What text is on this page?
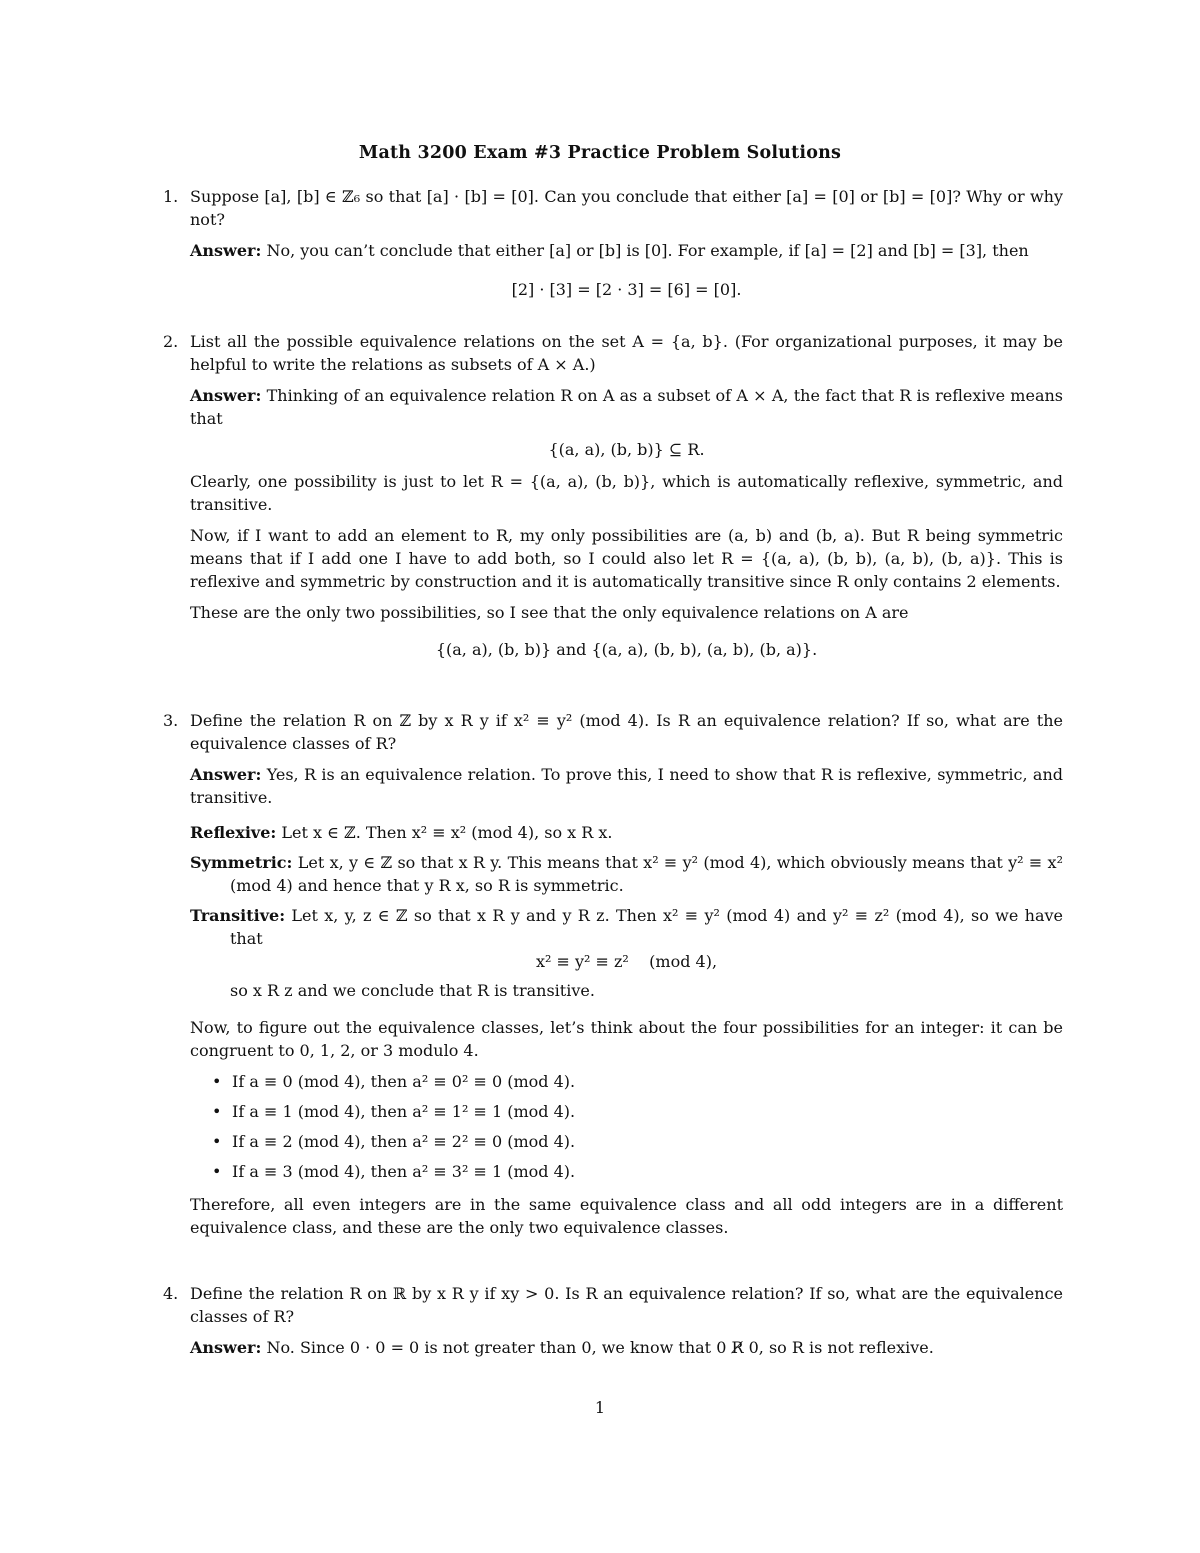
Math 3200 Exam #3 Practice Problem Solutions
1. Suppose [a], [b] ∈ ℤ₆ so that [a] · [b] = [0]. Can you conclude that either [a] = [0] or [b] = [0]? Why or why not?

Answer: No, you can’t conclude that either [a] or [b] is [0]. For example, if [a] = [2] and [b] = [3], then

[2] · [3] = [2 · 3] = [6] = [0].
2. List all the possible equivalence relations on the set A = {a, b}. (For organizational purposes, it may be helpful to write the relations as subsets of A × A.)

Answer: Thinking of an equivalence relation R on A as a subset of A × A, the fact that R is reflexive means that

{(a, a), (b, b)} ⊆ R.

Clearly, one possibility is just to let R = {(a, a), (b, b)}, which is automatically reflexive, symmetric, and transitive.

Now, if I want to add an element to R, my only possibilities are (a, b) and (b, a). But R being symmetric means that if I add one I have to add both, so I could also let R = {(a, a), (b, b), (a, b), (b, a)}. This is reflexive and symmetric by construction and it is automatically transitive since R only contains 2 elements.

These are the only two possibilities, so I see that the only equivalence relations on A are

{(a, a), (b, b)} and {(a, a), (b, b), (a, b), (b, a)}.
3. Define the relation R on ℤ by x R y if x² ≡ y² (mod 4). Is R an equivalence relation? If so, what are the equivalence classes of R?

Answer: Yes, R is an equivalence relation. To prove this, I need to show that R is reflexive, symmetric, and transitive.

Reflexive: Let x ∈ ℤ. Then x² ≡ x² (mod 4), so x R x.
Symmetric: Let x, y ∈ ℤ so that x R y. This means that x² ≡ y² (mod 4), which obviously means that y² ≡ x² (mod 4) and hence that y R x, so R is symmetric.
Transitive: Let x, y, z ∈ ℤ so that x R y and y R z. Then x² ≡ y² (mod 4) and y² ≡ z² (mod 4), so we have that
x² ≡ y² ≡ z²    (mod 4),

so x R z and we conclude that R is transitive.

Now, to figure out the equivalence classes, let’s think about the four possibilities for an integer: it can be congruent to 0, 1, 2, or 3 modulo 4.

• If a ≡ 0 (mod 4), then a² ≡ 0² ≡ 0 (mod 4).
• If a ≡ 1 (mod 4), then a² ≡ 1² ≡ 1 (mod 4).
• If a ≡ 2 (mod 4), then a² ≡ 2² ≡ 0 (mod 4).
• If a ≡ 3 (mod 4), then a² ≡ 3² ≡ 1 (mod 4).

Therefore, all even integers are in the same equivalence class and all odd integers are in a different equivalence class, and these are the only two equivalence classes.

4. Define the relation R on ℝ by x R y if xy > 0. Is R an equivalence relation? If so, what are the equivalence classes of R?

Answer: No. Since 0 · 0 = 0 is not greater than 0, we know that 0 R̸ 0, so R is not reflexive.

1
